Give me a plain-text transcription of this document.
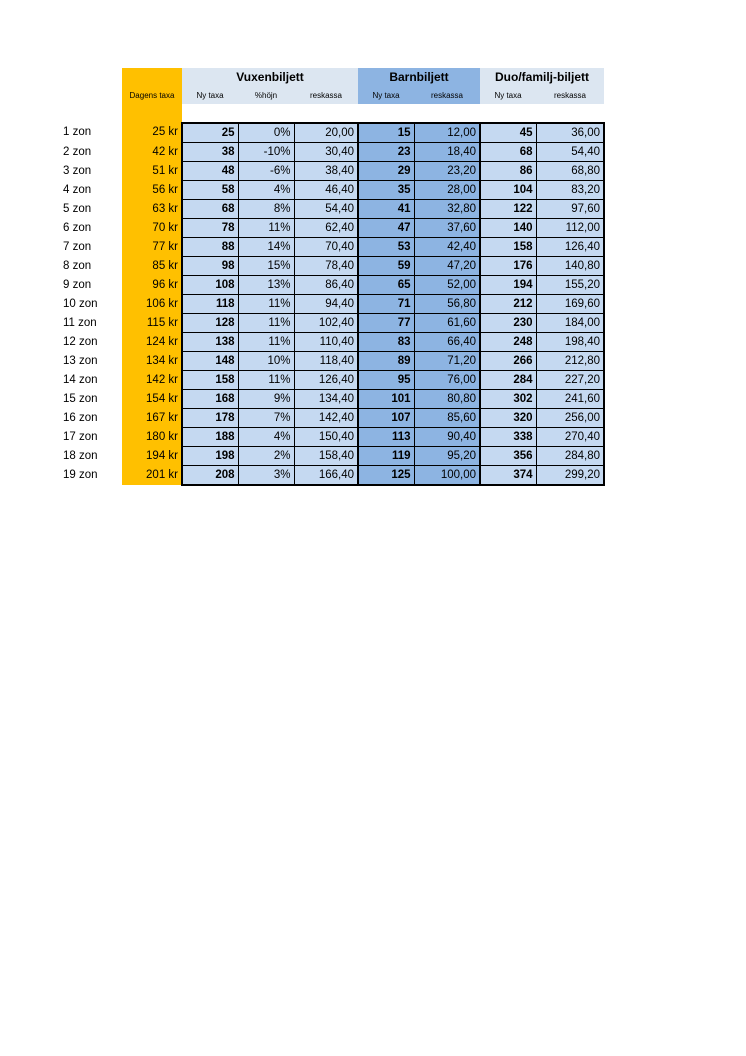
		Vuxenbiljett			Barnbiljett		Duo/familj-biljett	
	Dagens taxa	Ny taxa	%höjn	reskassa	Ny taxa	reskassa	Ny taxa	reskassa

1 zon	25 kr	25	0%	20,00	15	12,00	45	36,00
2 zon	42 kr	38	-10%	30,40	23	18,40	68	54,40
3 zon	51 kr	48	-6%	38,40	29	23,20	86	68,80
4 zon	56 kr	58	4%	46,40	35	28,00	104	83,20
5 zon	63 kr	68	8%	54,40	41	32,80	122	97,60
6 zon	70 kr	78	11%	62,40	47	37,60	140	112,00
7 zon	77 kr	88	14%	70,40	53	42,40	158	126,40
8 zon	85 kr	98	15%	78,40	59	47,20	176	140,80
9 zon	96 kr	108	13%	86,40	65	52,00	194	155,20
10 zon	106 kr	118	11%	94,40	71	56,80	212	169,60
11 zon	115 kr	128	11%	102,40	77	61,60	230	184,00
12 zon	124 kr	138	11%	110,40	83	66,40	248	198,40
13 zon	134 kr	148	10%	118,40	89	71,20	266	212,80
14 zon	142 kr	158	11%	126,40	95	76,00	284	227,20
15 zon	154 kr	168	9%	134,40	101	80,80	302	241,60
16 zon	167 kr	178	7%	142,40	107	85,60	320	256,00
17 zon	180 kr	188	4%	150,40	113	90,40	338	270,40
18 zon	194 kr	198	2%	158,40	119	95,20	356	284,80
19 zon	201 kr	208	3%	166,40	125	100,00	374	299,20
